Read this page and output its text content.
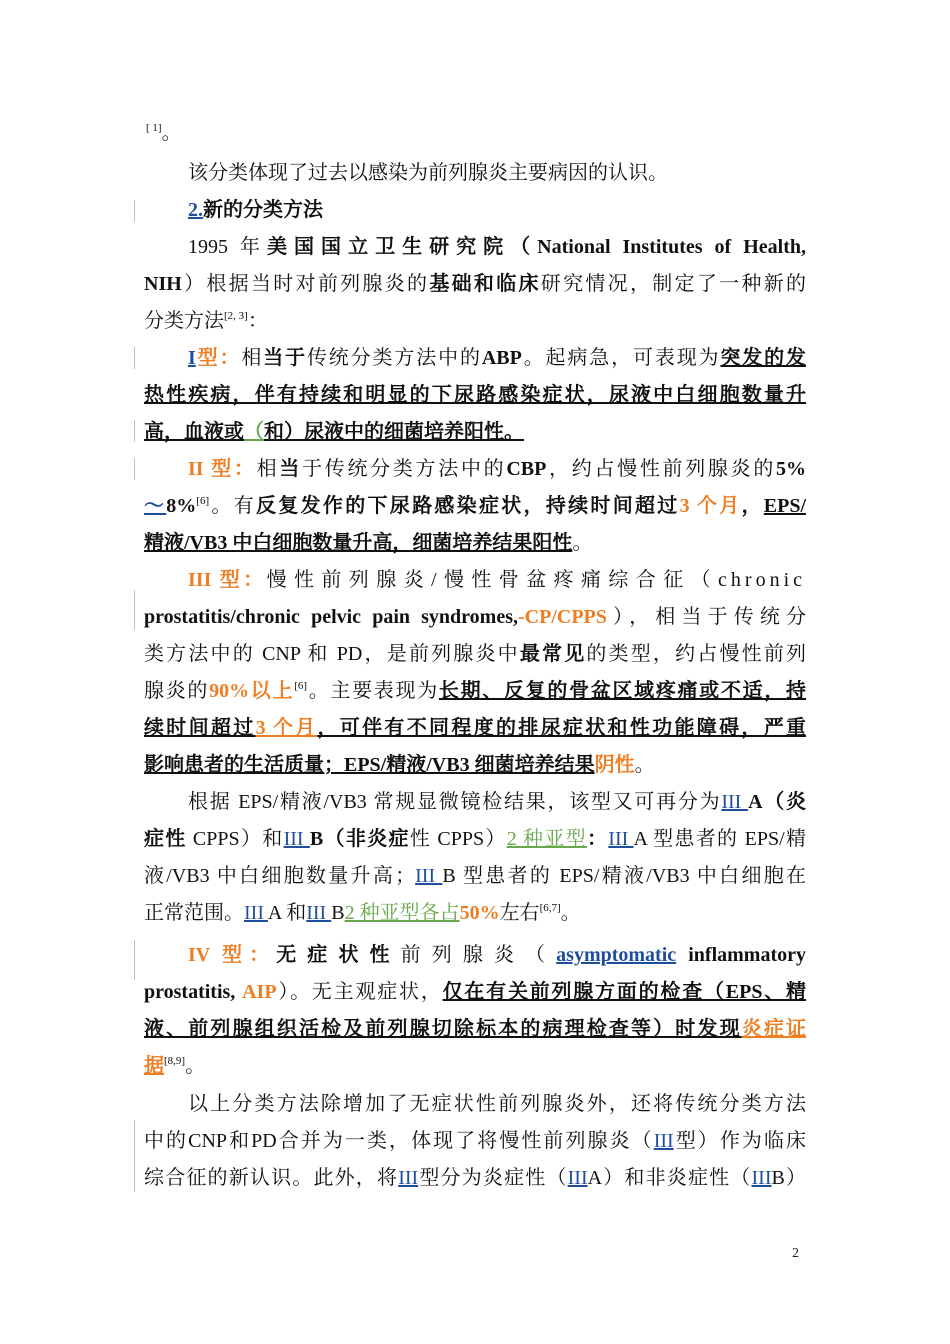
[ 1]。
该分类体现了过去以感染为前列腺炎主要病因的认识。
2.新的分类方法
1995 年美国国立卫生研究院（National Institutes of Health,
NIH）根据当时对前列腺炎的基础和临床研究情况，制定了一种新的
分类方法[2, 3]：
I型：相当于传统分类方法中的ABP。起病急，可表现为突发的发
热性疾病，伴有持续和明显的下尿路感染症状，尿液中白细胞数量升
高，血液或（和）尿液中的细菌培养阳性。
II 型：相当于传统分类方法中的CBP，约占慢性前列腺炎的5%
～8%[6]。有反复发作的下尿路感染症状，持续时间超过3 个月，EPS/
精液/VB3 中白细胞数量升高，细菌培养结果阳性。
III 型：慢性前列腺炎/慢性骨盆疼痛综合征（chronic
prostatitis/chronic pelvic pain syndromes,-CP/CPPS），相当于传统分
类方法中的 CNP 和 PD，是前列腺炎中最常见的类型，约占慢性前列
腺炎的90%以上[6]。主要表现为长期、反复的骨盆区域疼痛或不适，持
续时间超过3 个月，可伴有不同程度的排尿症状和性功能障碍，严重
影响患者的生活质量；EPS/精液/VB3 细菌培养结果阴性。
根据 EPS/精液/VB3 常规显微镜检结果，该型又可再分为III A（炎
症性 CPPS）和III B（非炎症性 CPPS）2 种亚型：III A 型患者的 EPS/精
液/VB3 中白细胞数量升高；III B 型患者的 EPS/精液/VB3 中白细胞在
正常范围。III A 和III B2 种亚型各占50%左右[6,7]。
IV 型：无症状性前列腺炎（asymptomatic inflammatory
prostatitis, AIP）。无主观症状，仅在有关前列腺方面的检查（EPS、精
液、前列腺组织活检及前列腺切除标本的病理检查等）时发现炎症证
据[8,9]。
以上分类方法除增加了无症状性前列腺炎外，还将传统分类方法
中的CNP和PD合并为一类，体现了将慢性前列腺炎（III型）作为临床
综合征的新认识。此外，将III型分为炎症性（IIIA）和非炎症性（IIIB）
2
